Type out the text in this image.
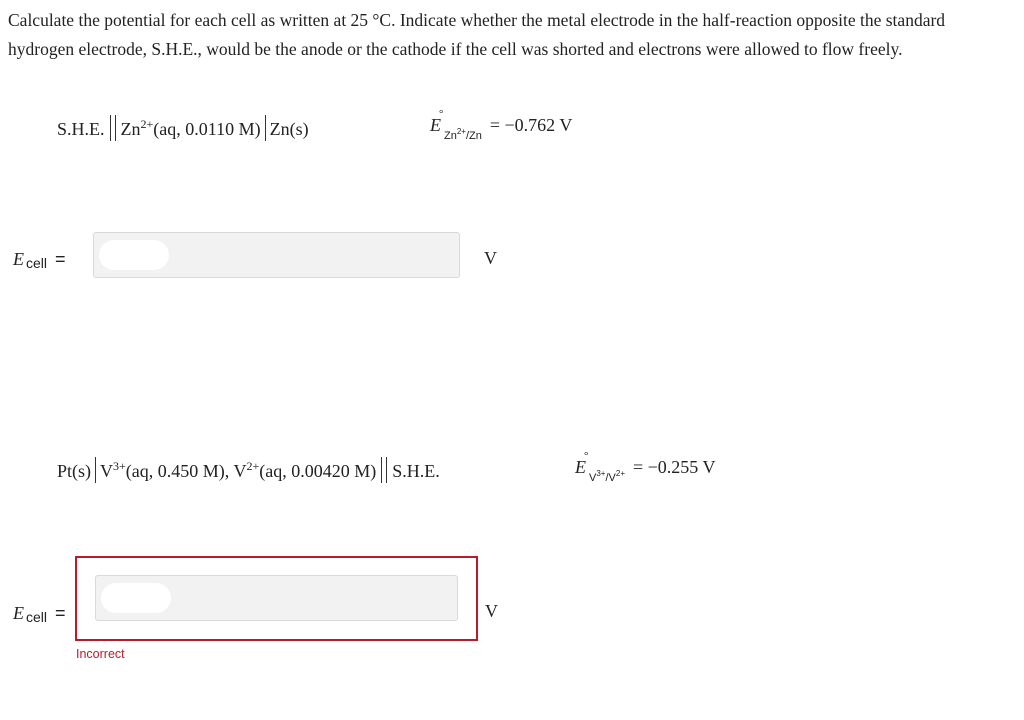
Calculate the potential for each cell as written at 25 °C. Indicate whether the metal electrode in the half-reaction opposite the standard hydrogen electrode, S.H.E., would be the anode or the cathode if the cell was shorted and electrons were allowed to flow freely.

S.H.E. $Zn^{2+}(aq$, 0.0110 M) Zn(s)	E
°
$_{Zn^{2+}/Zn}$= −0.762 V
E cell =	V
Pt(s) $V^{3+}(aq$, 0.450 M), $V^{2+}(aq$, 0.00420 M) S.H.E.	E
°
$_{V^{3+}/V^{2+}}$ = −0.255 V
E cell =	V
Incorrect
